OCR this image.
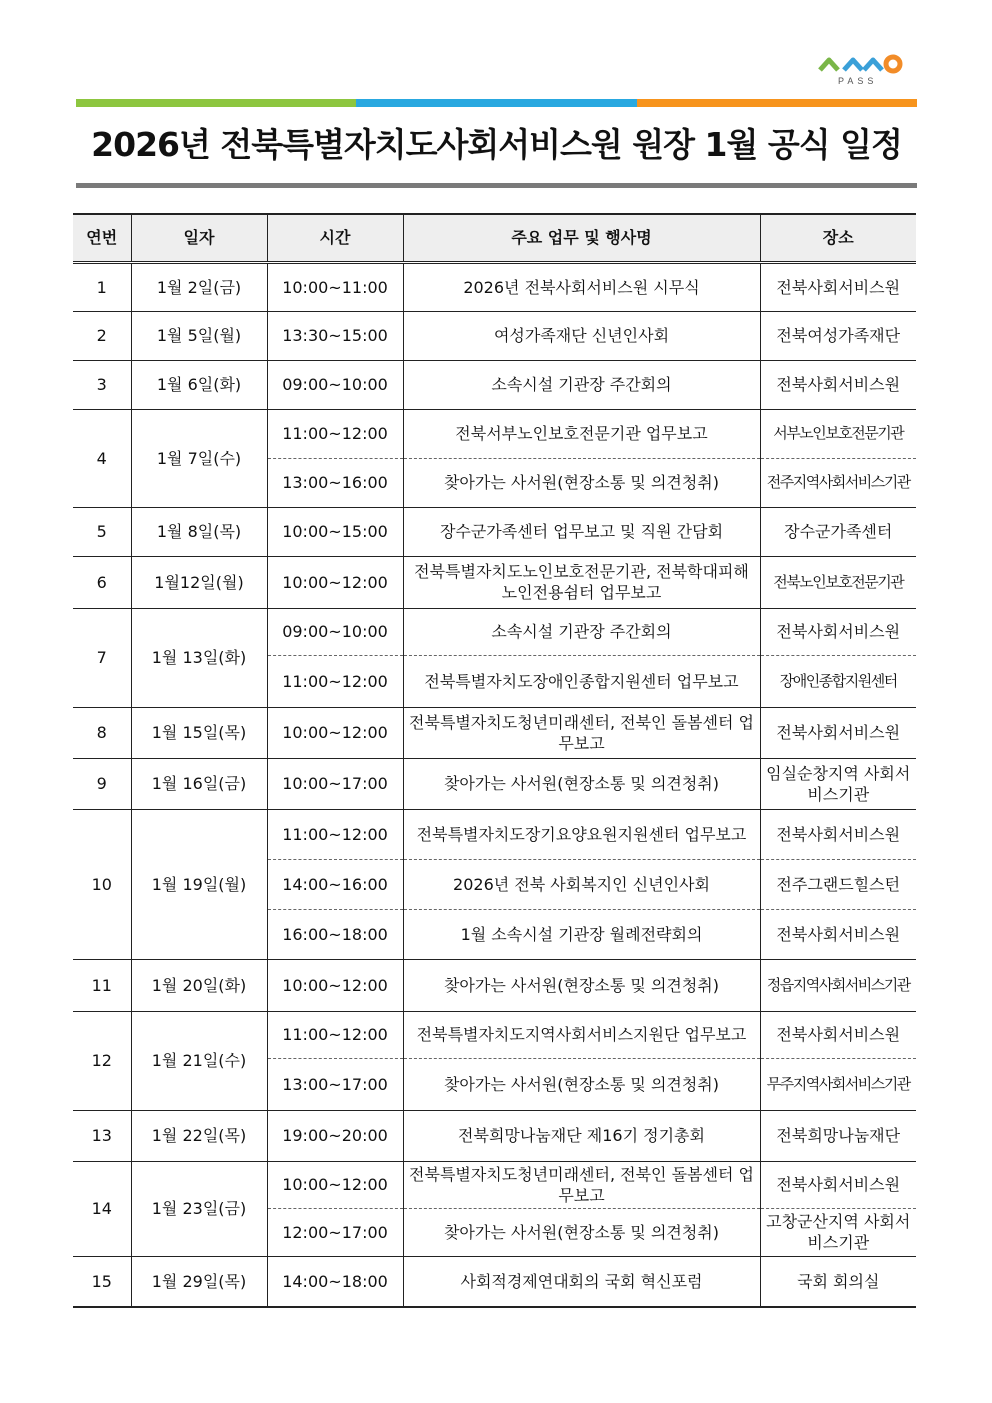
PASS
2026년 전북특별자치도사회서비스원 원장 1월 공식 일정
연번	일자	시간	주요 업무 및 행사명	장소
1	1월 2일(금)	10:00~11:00	2026년 전북사회서비스원 시무식	전북사회서비스원
2	1월 5일(월)	13:30~15:00	여성가족재단 신년인사회	전북여성가족재단
3	1월 6일(화)	09:00~10:00	소속시설 기관장 주간회의	전북사회서비스원
4	1월 7일(수)	11:00~12:00	전북서부노인보호전문기관 업무보고	서부노인보호전문기관
		13:00~16:00	찾아가는 사서원(현장소통 및 의견청취)	전주지역사회서비스기관
5	1월 8일(목)	10:00~15:00	장수군가족센터 업무보고 및 직원 간담회	장수군가족센터
6	1월12일(월)	10:00~12:00	전북특별자치도노인보호전문기관, 전북학대피해노인전용쉼터 업무보고	전북노인보호전문기관
7	1월 13일(화)	09:00~10:00	소속시설 기관장 주간회의	전북사회서비스원
		11:00~12:00	전북특별자치도장애인종합지원센터 업무보고	장애인종합지원센터
8	1월 15일(목)	10:00~12:00	전북특별자치도청년미래센터, 전북인 돌봄센터 업무보고	전북사회서비스원
9	1월 16일(금)	10:00~17:00	찾아가는 사서원(현장소통 및 의견청취)	임실순창지역 사회서비스기관
10	1월 19일(월)	11:00~12:00	전북특별자치도장기요양요원지원센터 업무보고	전북사회서비스원
		14:00~16:00	2026년 전북 사회복지인 신년인사회	전주그랜드힐스턴
		16:00~18:00	1월 소속시설 기관장 월례전략회의	전북사회서비스원
11	1월 20일(화)	10:00~12:00	찾아가는 사서원(현장소통 및 의견청취)	정읍지역사회서비스기관
12	1월 21일(수)	11:00~12:00	전북특별자치도지역사회서비스지원단 업무보고	전북사회서비스원
		13:00~17:00	찾아가는 사서원(현장소통 및 의견청취)	무주지역사회서비스기관
13	1월 22일(목)	19:00~20:00	전북희망나눔재단 제16기 정기총회	전북희망나눔재단
14	1월 23일(금)	10:00~12:00	전북특별자치도청년미래센터, 전북인 돌봄센터 업무보고	전북사회서비스원
		12:00~17:00	찾아가는 사서원(현장소통 및 의견청취)	고창군산지역 사회서비스기관
15	1월 29일(목)	14:00~18:00	사회적경제연대회의 국회 혁신포럼	국회 회의실
